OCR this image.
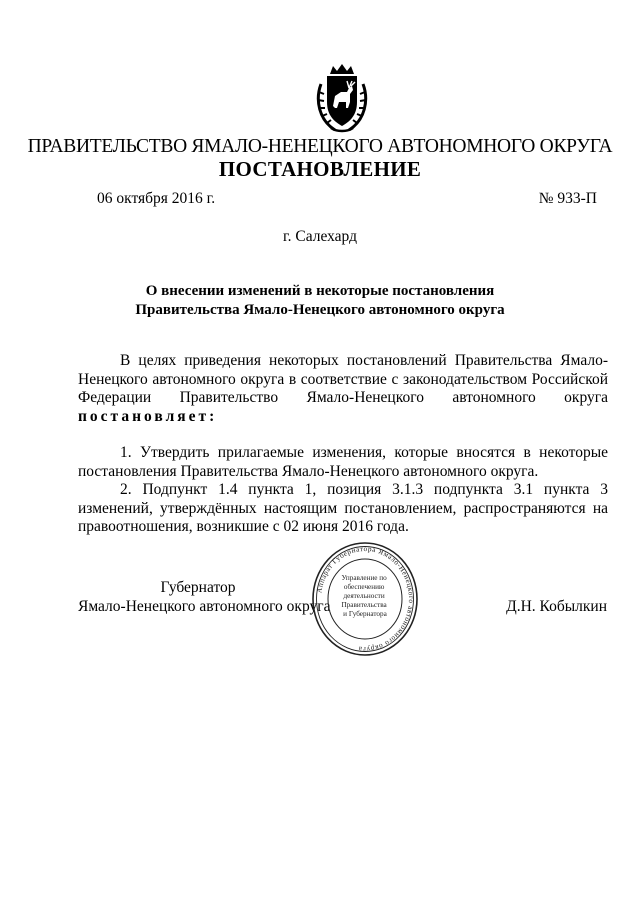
ПРАВИТЕЛЬСТВО ЯМАЛО-НЕНЕЦКОГО АВТОНОМНОГО ОКРУГА
ПОСТАНОВЛЕНИЕ
06 октября 2016 г.	№ 933-П
г. Салехард
О внесении изменений в некоторые постановления
Правительства Ямало-Ненецкого автономного округа

В целях приведения некоторых постановлений Правительства Ямало-Ненецкого автономного округа в соответствие с законодательством Российской Федерации Правительство Ямало-Ненецкого автономного округа постановляет:

1. Утвердить прилагаемые изменения, которые вносятся в некоторые постановления Правительства Ямало-Ненецкого автономного округа.

2. Подпункт 1.4 пункта 1, позиция 3.1.3 подпункта 3.1 пункта 3 изменений, утверждённых настоящим постановлением, распространяются на правоотношения, возникшие с 02 июня 2016 года.

Губернатор
Ямало-Ненецкого автономного округа	Д.Н. Кобылкин
Аппарат Губернатора Ямало-Ненецкого автономного округа
Управление по обеспечению деятельности Правительства и Губернатора
